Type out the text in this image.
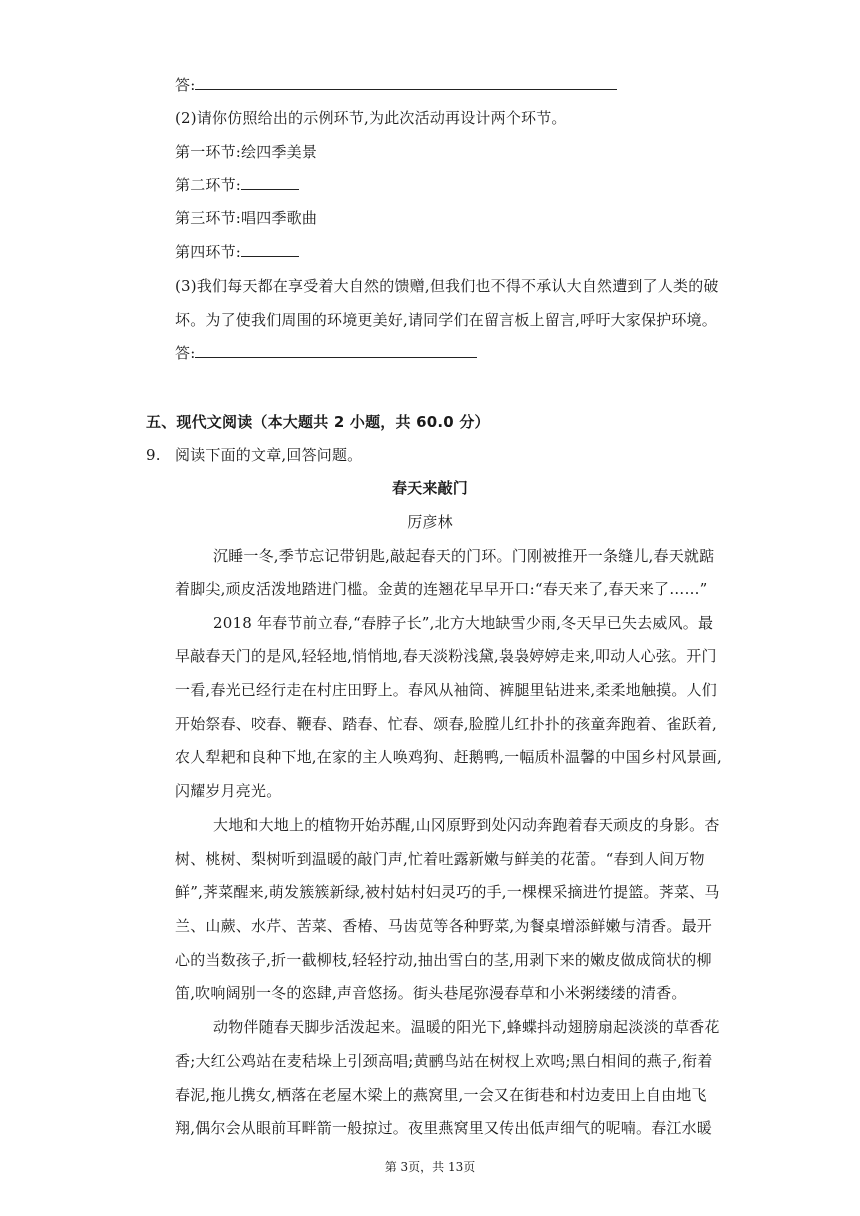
答:
(2)请你仿照给出的示例环节,为此次活动再设计两个环节。
第一环节:绘四季美景
第二环节:
第三环节:唱四季歌曲
第四环节:
(3)我们每天都在享受着大自然的馈赠,但我们也不得不承认大自然遭到了人类的破
坏。为了使我们周围的环境更美好,请同学们在留言板上留言,呼吁大家保护环境。
答:
五、现代文阅读（本大题共 2 小题，共 60.0 分）
9. 阅读下面的文章,回答问题。
春天来敲门
厉彦林
沉睡一冬,季节忘记带钥匙,敲起春天的门环。门刚被推开一条缝儿,春天就踮
着脚尖,顽皮活泼地踏进门槛。金黄的连翘花早早开口:“春天来了,春天来了……”
2018 年春节前立春,“春脖子长”,北方大地缺雪少雨,冬天早已失去威风。最
早敲春天门的是风,轻轻地,悄悄地,春天淡粉浅黛,袅袅婷婷走来,叩动人心弦。开门
一看,春光已经行走在村庄田野上。春风从袖筒、裤腿里钻进来,柔柔地触摸。人们
开始祭春、咬春、鞭春、踏春、忙春、颂春,脸膛儿红扑扑的孩童奔跑着、雀跃着,
农人犁耙和良种下地,在家的主人唤鸡狗、赶鹅鸭,一幅质朴温馨的中国乡村风景画,
闪耀岁月亮光。
大地和大地上的植物开始苏醒,山冈原野到处闪动奔跑着春天顽皮的身影。杏
树、桃树、梨树听到温暖的敲门声,忙着吐露新嫩与鲜美的花蕾。“春到人间万物
鲜”,荠菜醒来,萌发簇簇新绿,被村姑村妇灵巧的手,一棵棵采摘进竹提篮。荠菜、马
兰、山蕨、水芹、苦菜、香椿、马齿苋等各种野菜,为餐桌增添鲜嫩与清香。最开
心的当数孩子,折一截柳枝,轻轻拧动,抽出雪白的茎,用剥下来的嫩皮做成筒状的柳
笛,吹响阔别一冬的恣肆,声音悠扬。街头巷尾弥漫春草和小米粥缕缕的清香。
动物伴随春天脚步活泼起来。温暖的阳光下,蜂蝶抖动翅膀扇起淡淡的草香花
香;大红公鸡站在麦秸垛上引颈高唱;黄鹂鸟站在树杈上欢鸣;黑白相间的燕子,衔着
春泥,拖儿携女,栖落在老屋木梁上的燕窝里,一会又在街巷和村边麦田上自由地飞
翔,偶尔会从眼前耳畔箭一般掠过。夜里燕窝里又传出低声细气的呢喃。春江水暖
第 3页，共 13页
